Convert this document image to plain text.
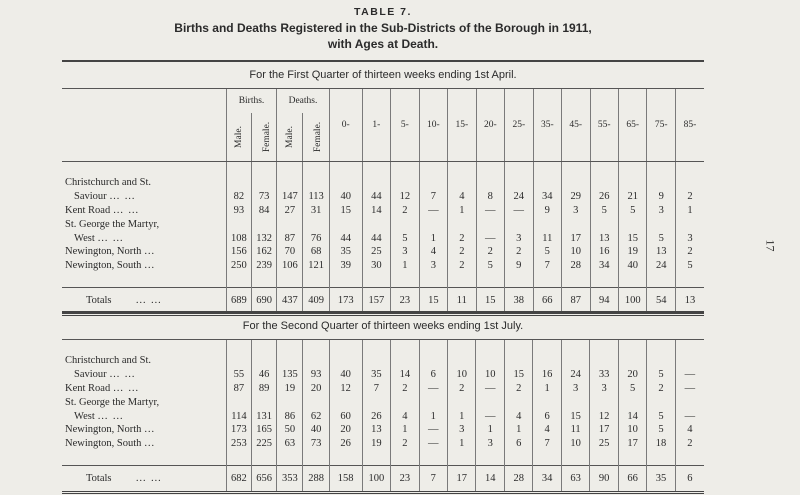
TABLE 7.
Births and Deaths Registered in the Sub-Districts of the Borough in 1911,
with Ages at Death.
17
For the First Quarter of thirteen weeks ending 1st April.																	
	Births.		Deaths.		0-	1-	5-	10-	15-	20-	25-	35-	45-	55-	65-	75-	85-
	Male.	Female.	Male.	Female.													

Christchurch and St.																	
Saviour … …	82	73	147	113	40	44	12	7	4	8	24	34	29	26	21	9	2
Kent Road … …	93	84	27	31	15	14	2	—	1	—	—	9	3	5	5	3	1
St. George the Martyr,																	
West … …	108	132	87	76	44	44	5	1	2	—	3	11	17	13	15	5	3
Newington, North …	156	162	70	68	35	25	3	4	2	2	2	5	10	16	19	13	2
Newington, South …	250	239	106	121	39	30	1	3	2	5	9	7	28	34	40	24	5

Totals … …	689	690	437	409	173	157	23	15	11	15	38	66	87	94	100	54	13
For the Second Quarter of thirteen weeks ending 1st July.																	

Christchurch and St.																	
Saviour … …	55	46	135	93	40	35	14	6	10	10	15	16	24	33	20	5	—
Kent Road … …	87	89	19	20	12	7	2	—	2	—	2	1	3	3	5	2	—
St. George the Martyr,																	
West … …	114	131	86	62	60	26	4	1	1	—	4	6	15	12	14	5	—
Newington, North …	173	165	50	40	20	13	1	—	3	1	1	4	11	17	10	5	4
Newington, South …	253	225	63	73	26	19	2	—	1	3	6	7	10	25	17	18	2

Totals … …	682	656	353	288	158	100	23	7	17	14	28	34	63	90	66	35	6
